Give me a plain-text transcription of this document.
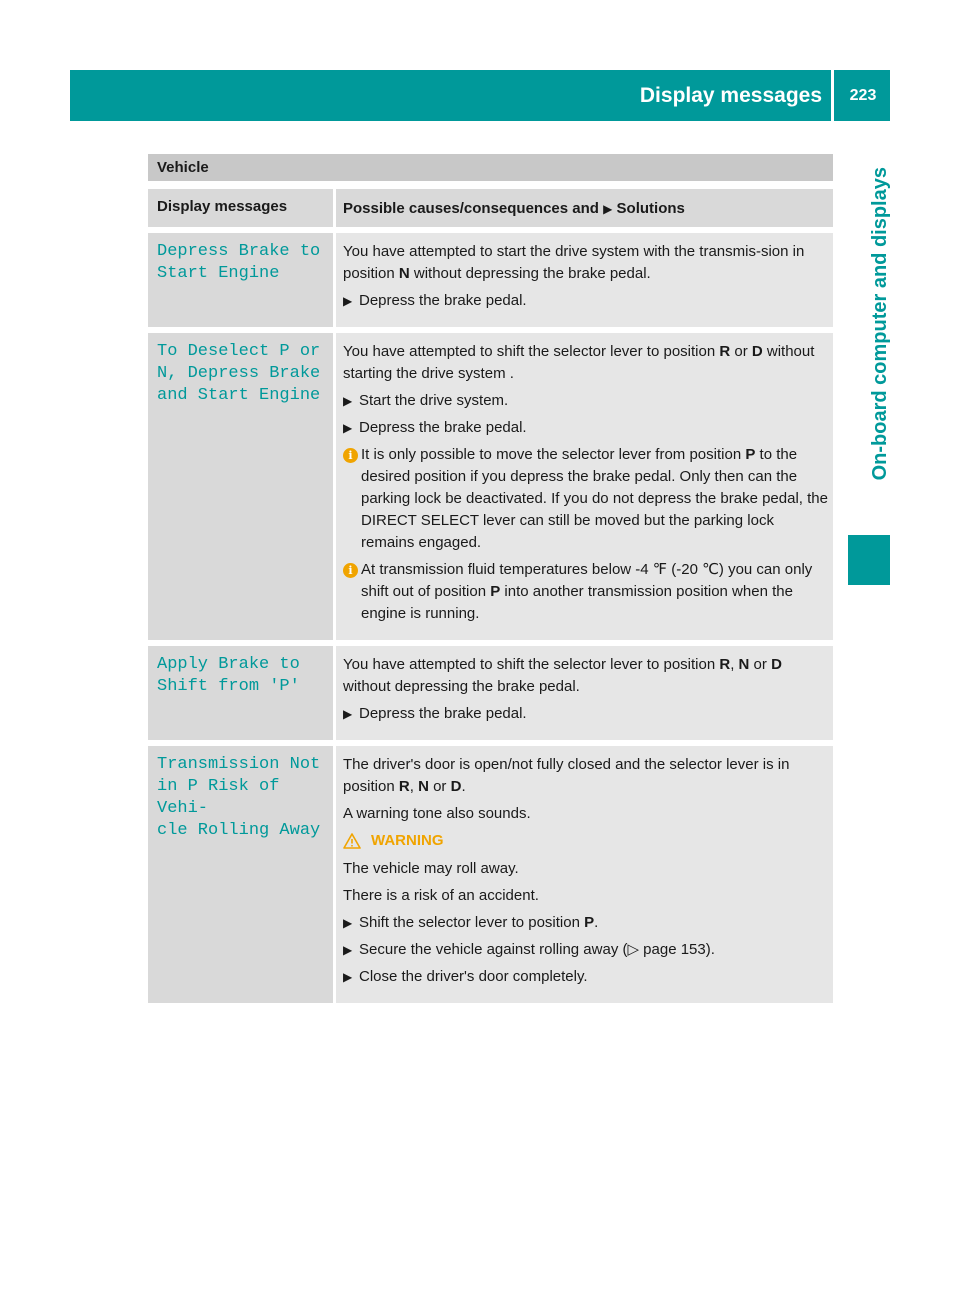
Display messages	223
On-board computer and displays
Vehicle
Display messages	Possible causes/consequences and ▶ Solutions
Depress Brake to
Start Engine

You have attempted to start the drive system with the transmis-sion in position N without depressing the brake pedal.

▶ Depress the brake pedal.
To Deselect P or
N, Depress Brake
and Start Engine

You have attempted to shift the selector lever to position R or D without starting the drive system .

▶ Start the drive system.
▶ Depress the brake pedal.
i It is only possible to move the selector lever from position P to the desired position if you depress the brake pedal. Only then can the parking lock be deactivated. If you do not depress the brake pedal, the DIRECT SELECT lever can still be moved but the parking lock remains engaged.
i At transmission fluid temperatures below -4 ℉ (-20 ℃) you can only shift out of position P into another transmission position when the engine is running.
Apply Brake to
Shift from 'P'

You have attempted to shift the selector lever to position R, N or D without depressing the brake pedal.

▶ Depress the brake pedal.
Transmission Not
in P Risk of Vehi‐
cle Rolling Away

The driver's door is open/not fully closed and the selector lever is in position R, N or D.

A warning tone also sounds.

WARNING

The vehicle may roll away.

There is a risk of an accident.

▶ Shift the selector lever to position P.
▶ Secure the vehicle against rolling away (▷ page 153).
▶ Close the driver's door completely.
